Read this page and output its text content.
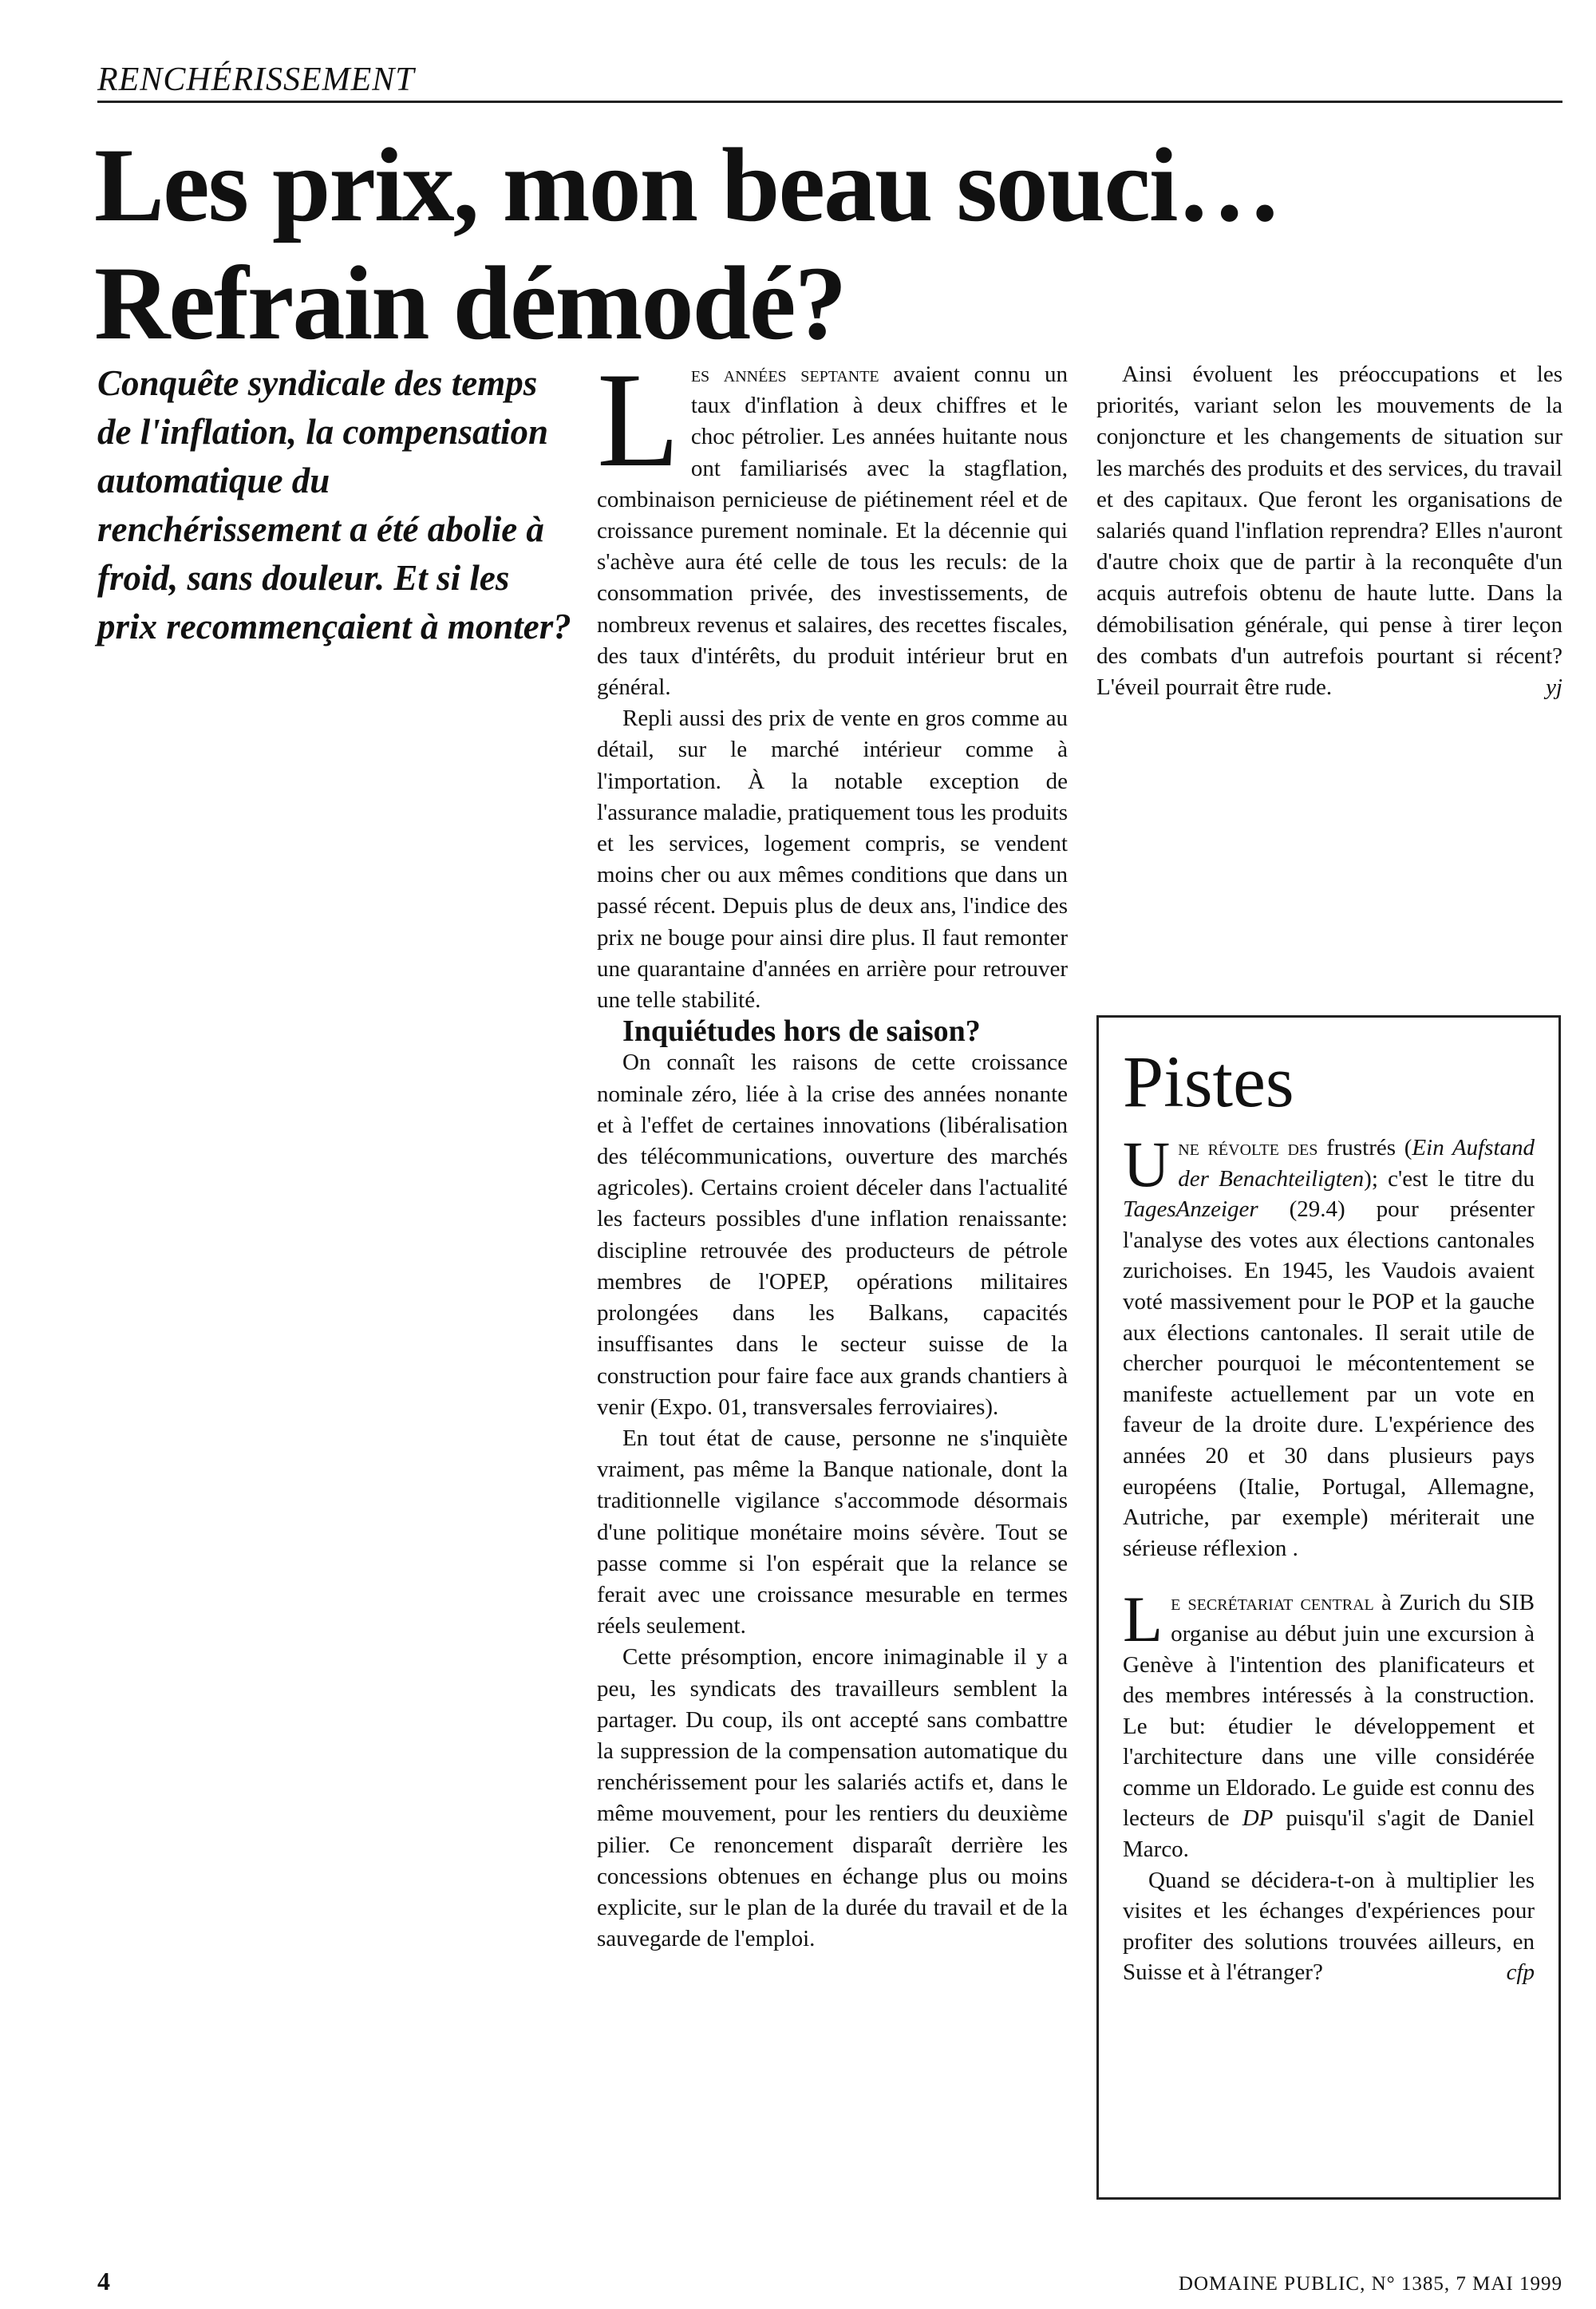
RENCHÉRISSEMENT
Les prix, mon beau souci…
Refrain démodé?

Conquête syndicale des temps de l'inflation, la compensation automatique du renchérissement a été abolie à froid, sans douleur. Et si les prix recommençaient à monter?

Les années septante avaient connu un taux d'inflation à deux chiffres et le choc pétrolier. Les années huitante nous ont familiarisés avec la stagflation, combinaison pernicieuse de piétinement réel et de croissance purement nominale. Et la décennie qui s'achève aura été celle de tous les reculs: de la consommation privée, des investissements, de nombreux revenus et salaires, des recettes fiscales, des taux d'intérêts, du produit intérieur brut en général.

Repli aussi des prix de vente en gros comme au détail, sur le marché intérieur comme à l'importation. À la notable exception de l'assurance maladie, pratiquement tous les produits et les services, logement compris, se vendent moins cher ou aux mêmes conditions que dans un passé récent. Depuis plus de deux ans, l'indice des prix ne bouge pour ainsi dire plus. Il faut remonter une quarantaine d'années en arrière pour retrouver une telle stabilité.

Inquiétudes hors de saison?

On connaît les raisons de cette croissance nominale zéro, liée à la crise des années nonante et à l'effet de certaines innovations (libéralisation des télécommunications, ouverture des marchés agricoles). Certains croient déceler dans l'actualité les facteurs possibles d'une inflation renaissante: discipline retrouvée des producteurs de pétrole membres de l'OPEP, opérations militaires prolongées dans les Balkans, capacités insuffisantes dans le secteur suisse de la construction pour faire face aux grands chantiers à venir (Expo. 01, transversales ferroviaires).

En tout état de cause, personne ne s'inquiète vraiment, pas même la Banque nationale, dont la traditionnelle vigilance s'accommode désormais d'une politique monétaire moins sévère. Tout se passe comme si l'on espérait que la relance se ferait avec une croissance mesurable en termes réels seulement.

Cette présomption, encore inimaginable il y a peu, les syndicats des travailleurs semblent la partager. Du coup, ils ont accepté sans combattre la suppression de la compensation automatique du renchérissement pour les salariés actifs et, dans le même mouvement, pour les rentiers du deuxième pilier. Ce renoncement disparaît derrière les concessions obtenues en échange plus ou moins explicite, sur le plan de la durée du travail et de la sauvegarde de l'emploi.

Ainsi évoluent les préoccupations et les priorités, variant selon les mouvements de la conjoncture et les changements de situation sur les marchés des produits et des services, du travail et des capitaux. Que feront les organisations de salariés quand l'inflation reprendra? Elles n'auront d'autre choix que de partir à la reconquête d'un acquis autrefois obtenu de haute lutte. Dans la démobilisation générale, qui pense à tirer leçon des combats d'un autrefois pourtant si récent? L'éveil pourrait être rude.	yj

Pistes

Une révolte des frustrés (Ein Aufstand der Benachteiligten); c'est le titre du TagesAnzeiger (29.4) pour présenter l'analyse des votes aux élections cantonales zurichoises. En 1945, les Vaudois avaient voté massivement pour le POP et la gauche aux élections cantonales. Il serait utile de chercher pourquoi le mécontentement se manifeste actuellement par un vote en faveur de la droite dure. L'expérience des années 20 et 30 dans plusieurs pays européens (Italie, Portugal, Allemagne, Autriche, par exemple) mériterait une sérieuse réflexion .

Le secrétariat central à Zurich du SIB organise au début juin une excursion à Genève à l'intention des planificateurs et des membres intéressés à la construction. Le but: étudier le développement et l'architecture dans une ville considérée comme un Eldorado. Le guide est connu des lecteurs de DP puisqu'il s'agit de Daniel Marco.

Quand se décidera-t-on à multiplier les visites et les échanges d'expériences pour profiter des solutions trouvées ailleurs, en Suisse et à l'étranger?	cfp

4	DOMAINE PUBLIC, N° 1385, 7 MAI 1999
